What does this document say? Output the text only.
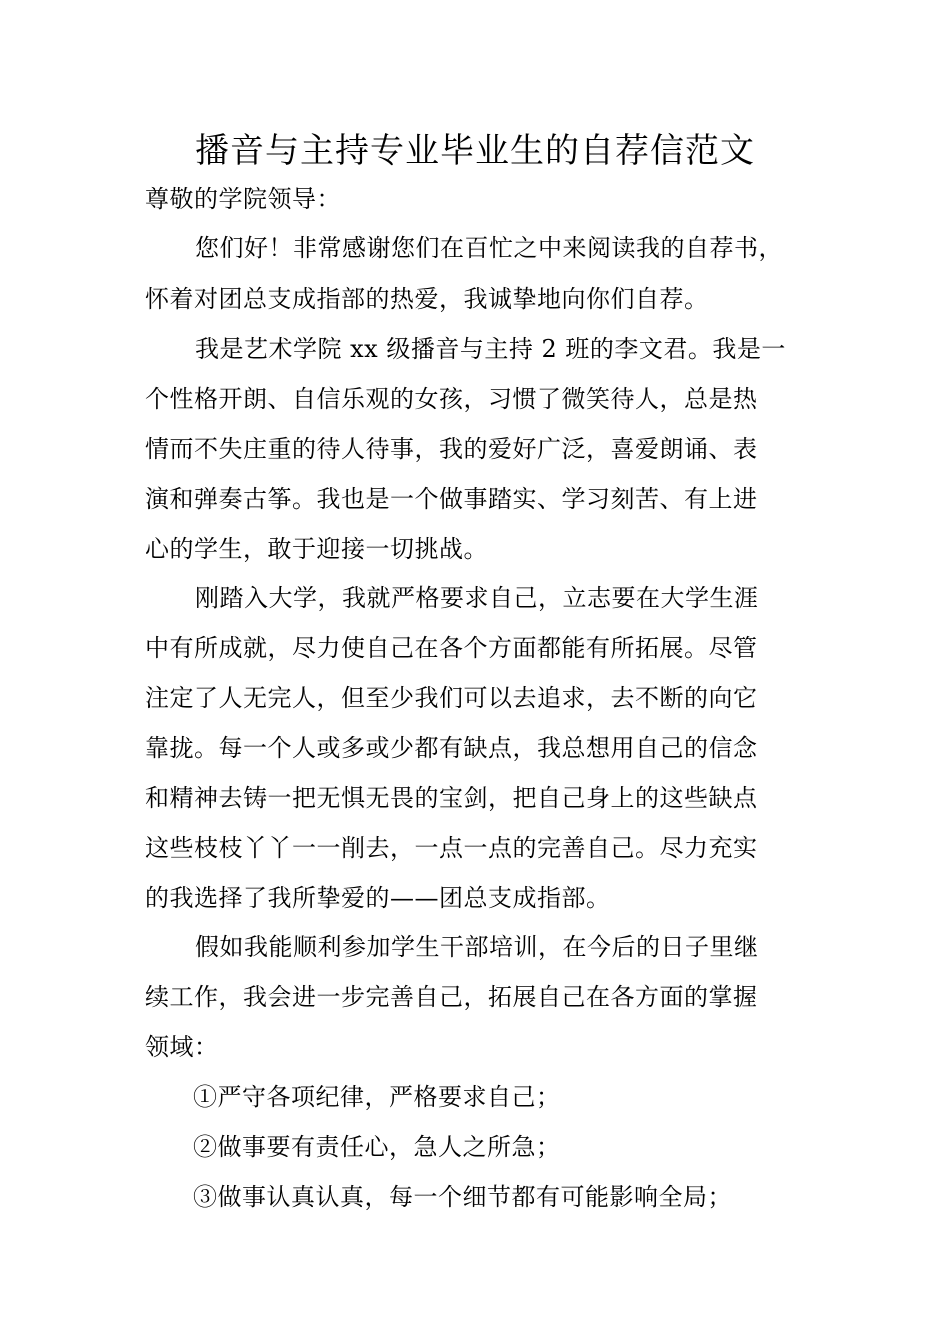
播音与主持专业毕业生的自荐信范文
尊敬的学院领导：
您们好！非常感谢您们在百忙之中来阅读我的自荐书，
怀着对团总支成指部的热爱，我诚挚地向你们自荐。
我是艺术学院 xx 级播音与主持 2 班的李文君。我是一
个性格开朗、自信乐观的女孩，习惯了微笑待人，总是热
情而不失庄重的待人待事，我的爱好广泛，喜爱朗诵、表
演和弹奏古筝。我也是一个做事踏实、学习刻苦、有上进
心的学生，敢于迎接一切挑战。
刚踏入大学，我就严格要求自己，立志要在大学生涯
中有所成就，尽力使自己在各个方面都能有所拓展。尽管
注定了人无完人，但至少我们可以去追求，去不断的向它
靠拢。每一个人或多或少都有缺点，我总想用自己的信念
和精神去铸一把无惧无畏的宝剑，把自己身上的这些缺点
这些枝枝丫丫一一削去，一点一点的完善自己。尽力充实
的我选择了我所挚爱的——团总支成指部。
假如我能顺利参加学生干部培训，在今后的日子里继
续工作，我会进一步完善自己，拓展自己在各方面的掌握
领域：
①严守各项纪律，严格要求自己；
②做事要有责任心，急人之所急；
③做事认真认真，每一个细节都有可能影响全局；
